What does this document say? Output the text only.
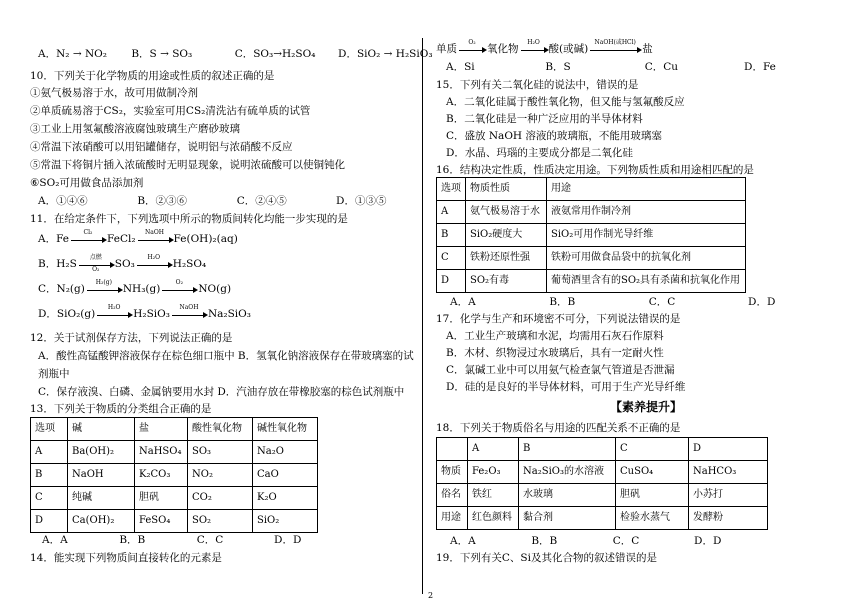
A．N₂ → NO₂ B．S → SO₃	C．SO₃→H₂SO₄ D．SiO₂ → H₂SiO₃
10．下列关于化学物质的用途或性质的叙述正确的是
①氨气极易溶于水，故可用做制冷剂
②单质硫易溶于CS₂，实验室可用CS₂清洗沾有硫单质的试管
③工业上用氢氟酸溶液腐蚀玻璃生产磨砂玻璃
④常温下浓硝酸可以用铝罐储存，说明铝与浓硝酸不反应
⑤常温下将铜片插入浓硫酸时无明显现象，说明浓硫酸可以使铜钝化
⑥SO₂可用做食品添加剂
A．①④⑥	B．②③⑥	C．②④⑤	D．①③⑤
11．在给定条件下，下列选项中所示的物质间转化均能一步实现的是
A．Fe
Cl₂
FeCl₂
NaOH
Fe(OH)₂(aq)
B．H₂S
点燃
O₂	SO₃
H₂O
H₂SO₄
C．N₂(g)
H₂(g)
NH₃(g)
O₂
NO(g)
D．SiO₂(g)
H₂O
H₂SiO₃
NaOH
Na₂SiO₃
12．关于试剂保存方法，下列说法正确的是
A．酸性高锰酸钾溶液保存在棕色细口瓶中 B．氢氧化钠溶液保存在带玻璃塞的试
剂瓶中
C．保存液溴、白磷、金属钠要用水封 D．汽油存放在带橡胶塞的棕色试剂瓶中
13．下列关于物质的分类组合正确的是
选项	碱	盐	酸性氧化物	碱性氧化物
A	Ba(OH)₂	NaHSO₄	SO₃	Na₂O
B	NaOH	K₂CO₃	NO₂	CaO
C	纯碱	胆矾	CO₂	K₂O
D	Ca(OH)₂	FeSO₄	SO₂	SiO₂
A．A	B．B	C．C	D．D
14．能实现下列物质间直接转化的元素是
单质
O₂
氧化物
H₂O
酸(或碱)
NaOH(或HCl)
盐
A．Si	B．S	C．Cu	D．Fe
15．下列有关二氧化硅的说法中，错误的是
A．二氧化硅属于酸性氧化物，但又能与氢氟酸反应
B．二氧化硅是一种广泛应用的半导体材料
C．盛放 NaOH 溶液的玻璃瓶，不能用玻璃塞
D．水晶、玛瑙的主要成分都是二氧化硅
16．结构决定性质，性质决定用途。下列物质性质和用途相匹配的是
选项	物质性质	用途
A	氨气极易溶于水	液氨常用作制冷剂
B	SiO₂硬度大	SiO₂可用作制光导纤维
C	铁粉还原性强	铁粉可用做食品袋中的抗氧化剂
D	SO₂有毒	葡萄酒里含有的SO₂具有杀菌和抗氧化作用
A．A	B．B	C．C	D．D
17．化学与生产和环境密不可分，下列说法错误的是
A．工业生产玻璃和水泥，均需用石灰石作原料
B．木材、织物浸过水玻璃后，具有一定耐火性
C．氯碱工业中可以用氨气检查氯气管道是否泄漏
D．硅的是良好的半导体材料，可用于生产光导纤维
【素养提升】
18．下列关于物质俗名与用途的匹配关系不正确的是
	A	B	C	D
物质	Fe₂O₃	Na₂SiO₃的水溶液	CuSO₄	NaHCO₃
俗名	铁红	水玻璃	胆矾	小苏打
用途	红色颜料	黏合剂	检验水蒸气	发酵粉
A．A	B．B	C．C	D．D
19．下列有关C、Si及其化合物的叙述错误的是
2
